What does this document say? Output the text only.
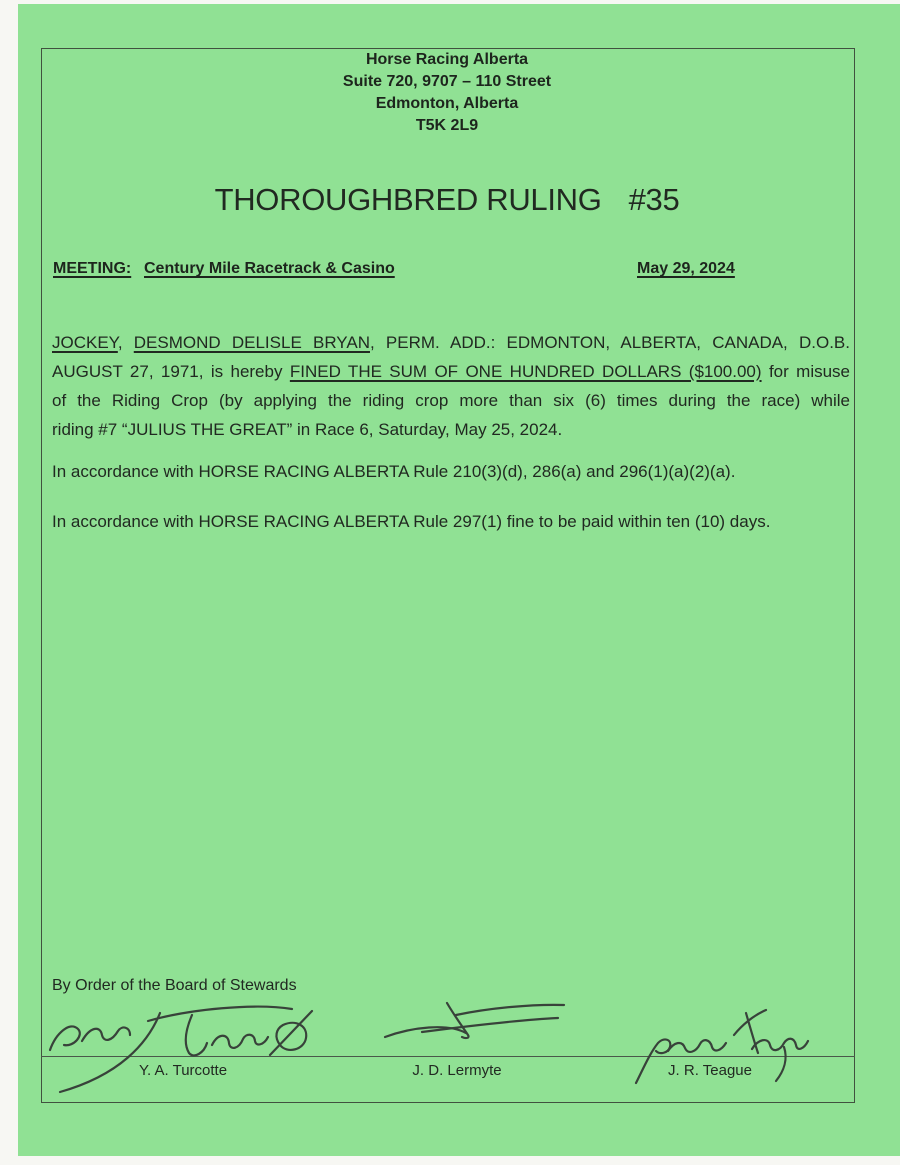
Horse Racing Alberta
Suite 720, 9707 – 110 Street
Edmonton, Alberta
T5K 2L9
THOROUGHBRED RULING #35
MEETING: Century Mile Racetrack & Casino	May 29, 2024
JOCKEY, DESMOND DELISLE BRYAN, PERM. ADD.: EDMONTON, ALBERTA, CANADA, D.O.B.
AUGUST 27, 1971, is hereby FINED THE SUM OF ONE HUNDRED DOLLARS ($100.00) for misuse
of the Riding Crop (by applying the riding crop more than six (6) times during the race) while
riding #7 “JULIUS THE GREAT” in Race 6, Saturday, May 25, 2024.
In accordance with HORSE RACING ALBERTA Rule 210(3)(d), 286(a) and 296(1)(a)(2)(a).
In accordance with HORSE RACING ALBERTA Rule 297(1) fine to be paid within ten (10) days.
By Order of the Board of Stewards
Y. A. Turcotte	J. D. Lermyte	J. R. Teague
